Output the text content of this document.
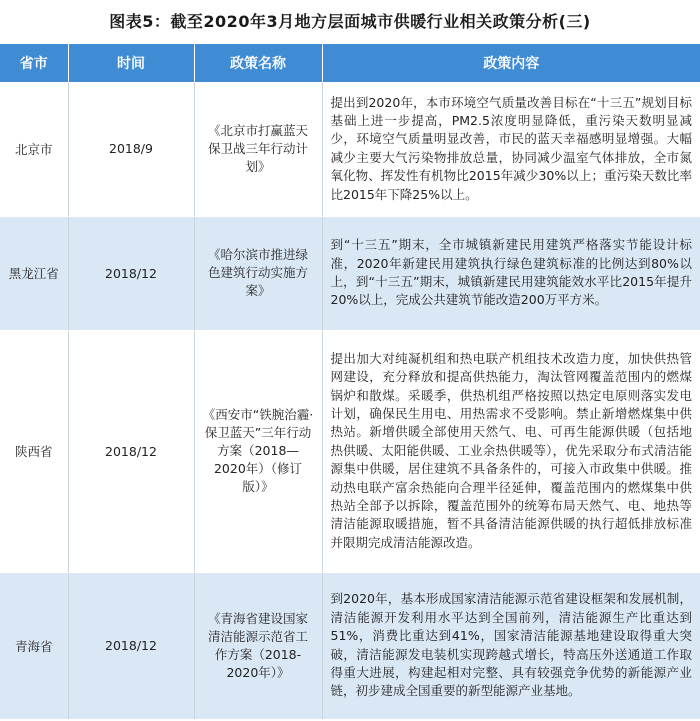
图表5：截至2020年3月地方层面城市供暖行业相关政策分析(三)
省市	时间	政策名称	政策内容
北京市	2018/9	《北京市打赢蓝天保卫战三年行动计划》	提出到2020年，本市环境空气质量改善目标在“十三五”规划目标基础上进一步提高，PM2.5浓度明显降低，重污染天数明显减少，环境空气质量明显改善，市民的蓝天幸福感明显增强。大幅减少主要大气污染物排放总量，协同减少温室气体排放，全市氮氧化物、挥发性有机物比2015年减少30%以上；重污染天数比率比2015年下降25%以上。
黑龙江省	2018/12	《哈尔滨市推进绿色建筑行动实施方案》	到“十三五”期末，全市城镇新建民用建筑严格落实节能设计标准，2020年新建民用建筑执行绿色建筑标准的比例达到80%以上，到“十三五”期末，城镇新建民用建筑能效水平比2015年提升20%以上，完成公共建筑节能改造200万平方米。
陕西省	2018/12	《西安市“铁腕治霾·保卫蓝天”三年行动方案（2018—2020年）（修订版）》	提出加大对纯凝机组和热电联产机组技术改造力度，加快供热管网建设，充分释放和提高供热能力，淘汰管网覆盖范围内的燃煤锅炉和散煤。采暖季，供热机组严格按照以热定电原则落实发电计划，确保民生用电、用热需求不受影响。禁止新增燃煤集中供热站。新增供暖全部使用天然气、电、可再生能源供暖（包括地热供暖、太阳能供暖、工业余热供暖等），优先采取分布式清洁能源集中供暖，居住建筑不具备条件的，可接入市政集中供暖。推动热电联产富余热能向合理半径延伸，覆盖范围内的燃煤集中供热站全部予以拆除，覆盖范围外的统筹布局天然气、电、地热等清洁能源取暖措施，暂不具备清洁能源供暖的执行超低排放标准并限期完成清洁能源改造。
青海省	2018/12	《青海省建设国家清洁能源示范省工作方案（2018-2020年）》	到2020年，基本形成国家清洁能源示范省建设框架和发展机制，清洁能源开发利用水平达到全国前列，清洁能源生产比重达到51%，消费比重达到41%，国家清洁能源基地建设取得重大突破，清洁能源发电装机实现跨越式增长，特高压外送通道工作取得重大进展，构建起相对完整、具有较强竞争优势的新能源产业链，初步建成全国重要的新型能源产业基地。
